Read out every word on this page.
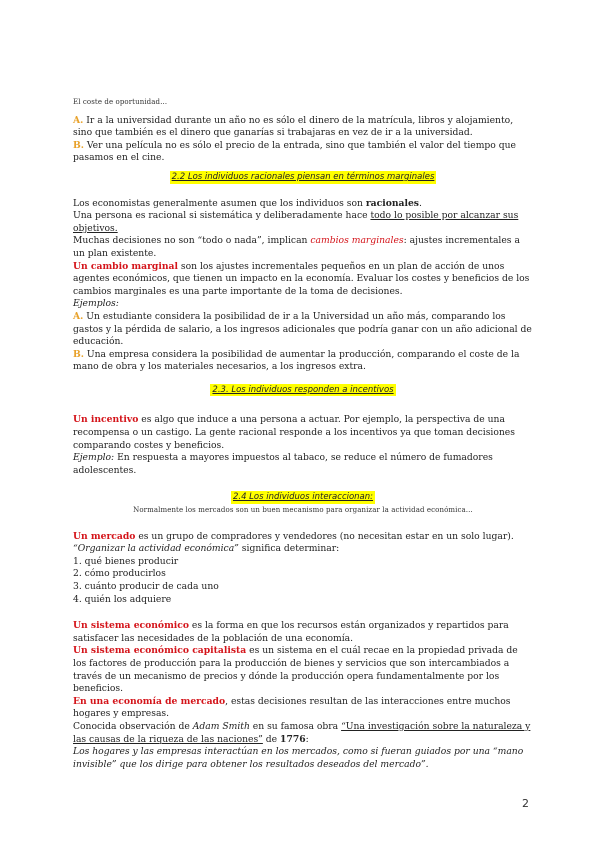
El coste de oportunidad…

A. Ir a la universidad durante un año no es sólo el dinero de la matrícula, libros y alojamiento, sino que también es el dinero que ganarías si trabajaras en vez de ir a la universidad.

B. Ver una película no es sólo el precio de la entrada, sino que también el valor del tiempo que pasamos en el cine.

2.2 Los individuos racionales piensan en términos marginales

Los economistas generalmente asumen que los individuos son racionales.

Una persona es racional si sistemática y deliberadamente hace todo lo posible por alcanzar sus objetivos.

Muchas decisiones no son “todo o nada”, implican cambios marginales: ajustes incrementales a un plan existente.

Un cambio marginal son los ajustes incrementales pequeños en un plan de acción de unos agentes económicos, que tienen un impacto en la economía. Evaluar los costes y beneficios de los cambios marginales es una parte importante de la toma de decisiones.

Ejemplos:

A. Un estudiante considera la posibilidad de ir a la Universidad un año más, comparando los gastos y la pérdida de salario, a los ingresos adicionales que podría ganar con un año adicional de educación.

B. Una empresa considera la posibilidad de aumentar la producción, comparando el coste de la mano de obra y los materiales necesarios, a los ingresos extra.

2.3. Los individuos responden a incentivos

Un incentivo es algo que induce a una persona a actuar. Por ejemplo, la perspectiva de una recompensa o un castigo. La gente racional responde a los incentivos ya que toman decisiones comparando costes y beneficios.

Ejemplo: En respuesta a mayores impuestos al tabaco, se reduce el número de fumadores adolescentes.

2.4 Los individuos interaccionan:

Normalmente los mercados son un buen mecanismo para organizar la actividad económica…

Un mercado es un grupo de compradores y vendedores (no necesitan estar en un solo lugar).

“Organizar la actividad económica” significa determinar:

1. qué bienes producir
2. cómo producirlos
3. cuánto producir de cada uno
4. quién los adquiere

Un sistema económico es la forma en que los recursos están organizados y repartidos para satisfacer las necesidades de la población de una economía.

Un sistema económico capitalista es un sistema en el cuál recae en la propiedad privada de los factores de producción para la producción de bienes y servicios que son intercambiados a través de un mecanismo de precios y dónde la producción opera fundamentalmente por los beneficios.

En una economía de mercado, estas decisiones resultan de las interacciones entre muchos hogares y empresas.

Conocida observación de Adam Smith en su famosa obra “Una investigación sobre la naturaleza y las causas de la riqueza de las naciones” de 1776:

Los hogares y las empresas interactúan en los mercados, como si fueran guiados por una “mano invisible” que los dirige para obtener los resultados deseados del mercado”.

2
